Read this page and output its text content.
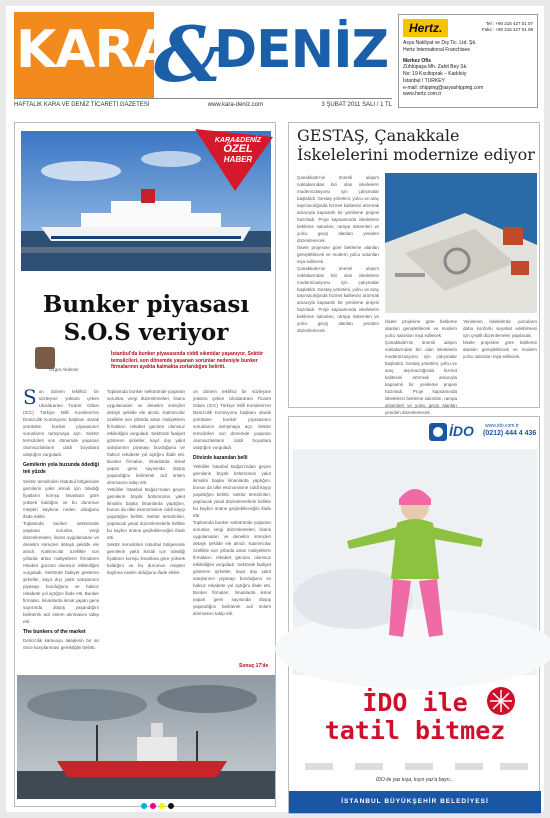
KARA
&
DENİZ
HAFTALIK KARA VE DENİZ TİCARETİ GAZETESİ	www.kara-deniz.com	3 ŞUBAT 2011 SALI / 1 TL
Hertz.	Tel : +90 216 427 01 07
Faks : +90 216 427 01 08
Asya Nakliyat ve Dış Tic. Ltd. Şti.
Hertz International Franchisee
Merkez Ofis
Zühtüpaşa Mh. Zahit Bey Sk.
No: 19 Kızıltoprak – Kadıköy
İstanbul / TURKEY
e-mail: shipping@asyashipping.com
www.hertz.com.tr
KARA&DENİZ
ÖZEL
HABER
Bunker piyasası
S.O.S veriyor
Özgür Akdemir
İstanbul'da bunker piyasasında ciddi sıkıntılar yaşanıyor. Sektör temsilcileri, son dönemde yaşanan sorunlar nedeniyle bunker firmalarının ayakta kalmakta zorlandığını belirtti.
Son dönem teklifsiz bir sözleşme yükünü çeken Uluslararası Ticaret Odası (ICC) Türkiye Milli Komitesi'nin Denizcilik Komisyonu başkanı olarak yürütülen bunker piyasasının sorunlarını tartışmaya açtı. Sektör temsilcileri son dönemde yaşanan olumsuzlukların ciddi boyutlara ulaştığını vurguladı.
Gemilerin yola buzunda ödediği tek yüzde
Sektör temsilcileri İstanbul bölgesinde gemilerin yakıt ikmali için ödediği fiyatların komşu limanlara göre yüksek kaldığını ve bu durumun müşteri kaybına neden olduğunu ifade ettiler.
Toplantıda bunker sektöründe yaşanan sorunlar, vergi düzenlemeleri, lisans uygulamaları ve denetim süreçleri detaylı şekilde ele alındı. Katılımcılar özellikle son yıllarda artan maliyetlerin firmaların rekabet gücünü olumsuz etkilediğini vurguladı. Sektörde faaliyet gösteren şirketler, kayıt dışı yakıt satışlarının piyasayı bozduğunu ve haksız rekabete yol açtığını ifade etti. Bunker firmaları, limanlarda ikmal yapan gemi sayısında düşüş yaşandığını belirterek acil önlem alınmasını talep etti.
The bunkers of the market
Denizcilik kamuoyu taleplerin bir an önce karşılanması gerektiğini belirtti.
Toplantıda bunker sektöründe yaşanan sorunlar, vergi düzenlemeleri, lisans uygulamaları ve denetim süreçleri detaylı şekilde ele alındı. Katılımcılar özellikle son yıllarda artan maliyetlerin firmaların rekabet gücünü olumsuz etkilediğini vurguladı. Sektörde faaliyet gösteren şirketler, kayıt dışı yakıt satışlarının piyasayı bozduğunu ve haksız rekabete yol açtığını ifade etti. Bunker firmaları, limanlarda ikmal yapan gemi sayısında düşüş yaşandığını belirterek acil önlem alınmasını talep etti.
Yetkililer İstanbul Boğazı'ndan geçen gemilerin büyük bölümünün yakıt ikmalini başka limanlarda yaptığını, bunun da ülke ekonomisine ciddi kayıp yaşattığını belirtti. Sektör temsilcileri, yapılacak yasal düzenlemelerle birlikte bu kaybın önüne geçilebileceğini ifade etti.
Sektör temsilcileri İstanbul bölgesinde gemilerin yakıt ikmali için ödediği fiyatların komşu limanlara göre yüksek kaldığını ve bu durumun müşteri kaybına neden olduğunu ifade ettiler.
on dönem teklifsiz bir sözleşme yükünü çeken Uluslararası Ticaret Odası (ICC) Türkiye Milli Komitesi'nin Denizcilik Komisyonu başkanı olarak yürütülen bunker piyasasının sorunlarını tartışmaya açtı. Sektör temsilcileri son dönemde yaşanan olumsuzlukların ciddi boyutlara ulaştığını vurguladı.
Dövizde kazanılan belli
Yetkililer İstanbul Boğazı'ndan geçen gemilerin büyük bölümünün yakıt ikmalini başka limanlarda yaptığını, bunun da ülke ekonomisine ciddi kayıp yaşattığını belirtti. Sektör temsilcileri, yapılacak yasal düzenlemelerle birlikte bu kaybın önüne geçilebileceğini ifade etti.
Toplantıda bunker sektöründe yaşanan sorunlar, vergi düzenlemeleri, lisans uygulamaları ve denetim süreçleri detaylı şekilde ele alındı. Katılımcılar özellikle son yıllarda artan maliyetlerin firmaların rekabet gücünü olumsuz etkilediğini vurguladı. Sektörde faaliyet gösteren şirketler, kayıt dışı yakıt satışlarının piyasayı bozduğunu ve haksız rekabete yol açtığını ifade etti. Bunker firmaları, limanlarda ikmal yapan gemi sayısında düşüş yaşandığını belirterek acil önlem alınmasını talep etti.
Sonuç 17'de
GESTAŞ, Çanakkale
İskelelerini modernize ediyor
Çanakkale'nin önemli ulaşım noktalarından biri olan iskelelerin modernizasyonu için çalışmalar başlatıldı. Gestaş yönetimi, yolcu ve araç taşımacılığında hizmet kalitesini artırmak amacıyla kapsamlı bir yenileme projesi hazırladı. Proje kapsamında iskelelerin bekleme salonları, rampa sistemleri ve yolcu geçiş alanları yeniden düzenlenecek.
İskele projesine göre bekleme alanları genişletilecek ve modern yolcu salonları inşa edilecek.
Çanakkale'nin önemli ulaşım noktalarından biri olan iskelelerin modernizasyonu için çalışmalar başlatıldı. Gestaş yönetimi, yolcu ve araç taşımacılığında hizmet kalitesini artırmak amacıyla kapsamlı bir yenileme projesi hazırladı. Proje kapsamında iskelelerin bekleme salonları, rampa sistemleri ve yolcu geçiş alanları yeniden düzenlenecek.
İskele projesine göre bekleme alanları genişletilecek ve modern yolcu salonları inşa edilecek.
Çanakkale'nin önemli ulaşım noktalarından biri olan iskelelerin modernizasyonu için çalışmalar başlatıldı. Gestaş yönetimi, yolcu ve araç taşımacılığında hizmet kalitesini artırmak amacıyla kapsamlı bir yenileme projesi hazırladı. Proje kapsamında iskelelerin bekleme salonları, rampa sistemleri ve yolcu geçiş alanları yeniden düzenlenecek.
Yenilenen iskelelerde yolcuların daha konforlu seyahat edebilmesi için çeşitli düzenlemeler yapılacak.
İskele projesine göre bekleme alanları genişletilecek ve modern yolcu salonları inşa edilecek.
İDO www.ido.com.tr
(0212) 444 4 436
İDO ile
tatil bitmez
İDO ile yaz kışa, kışın yaz'a bayrı...
İSTANBUL BÜYÜKŞEHİR BELEDİYESİ
